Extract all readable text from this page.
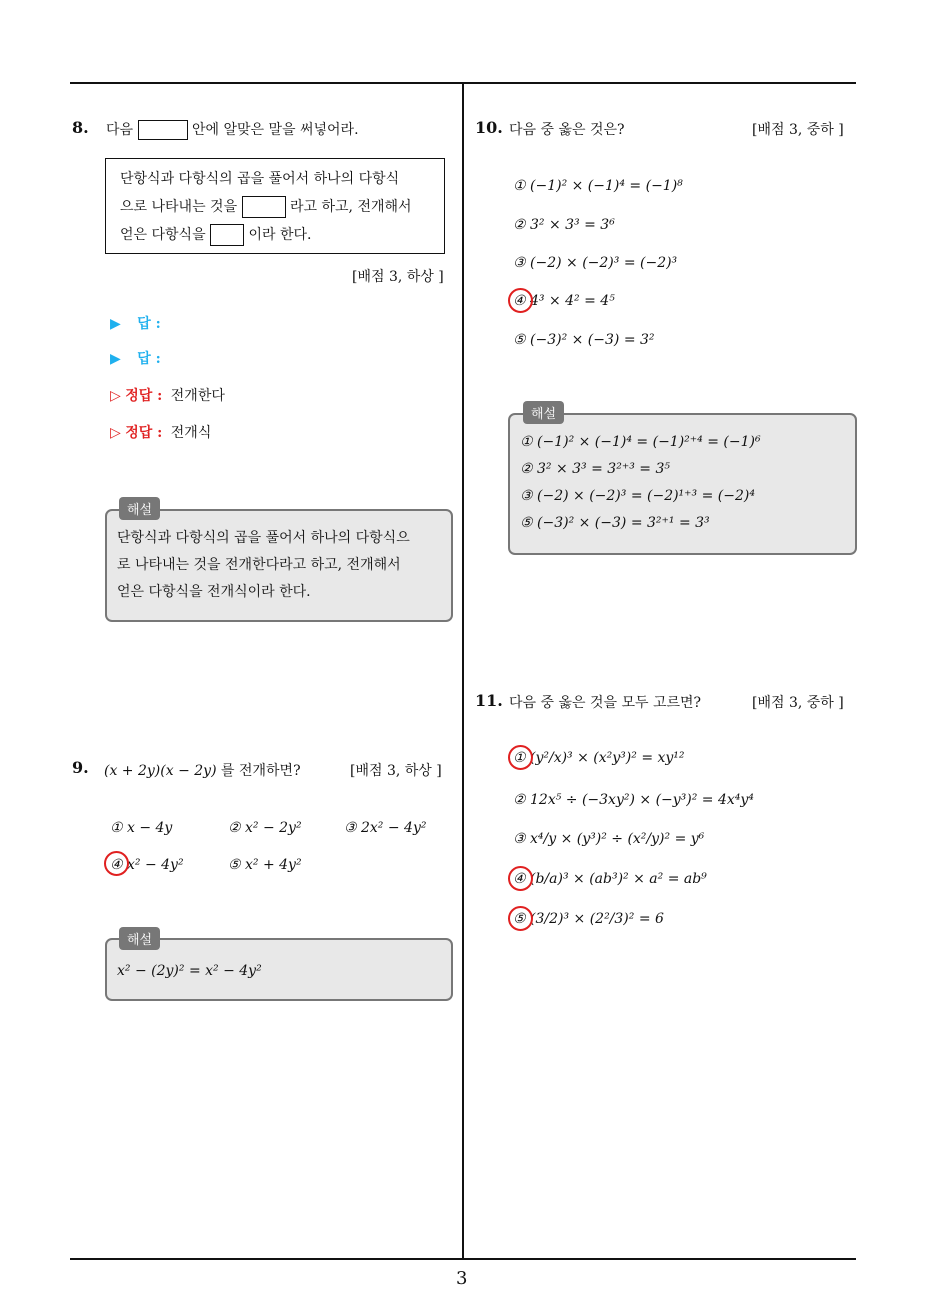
3
8. 다음	안에 알맞은 말을 써넣어라.
단항식과 다항식의 곱을 풀어서 하나의 다항식
으로 나타내는 것을	라고 하고, 전개해서
얻은 다항식을	이라 한다.
[배점 3, 하상 ]
▶ 답 :
▶ 답 :
▷ 정답 : 전개한다
▷ 정답 : 전개식
단항식과 다항식의 곱을 풀어서 하나의 다항식으
로 나타내는 것을 전개한다라고 하고, 전개해서
얻은 다항식을 전개식이라 한다.
해설
9. (x + 2y)(x − 2y) 를 전개하면?	[배점 3, 하상 ]
① x − 4y	② x² − 2y²	③ 2x² − 4y²
④ x² − 4y²	⑤ x² + 4y²
x² − (2y)² = x² − 4y²
해설
10. 다음 중 옳은 것은?	[배점 3, 중하 ]
① (−1)² × (−1)⁴ = (−1)⁸
② 3² × 3³ = 3⁶
③ (−2) × (−2)³ = (−2)³
④ 4³ × 4² = 4⁵
⑤ (−3)² × (−3) = 3²
① (−1)² × (−1)⁴ = (−1)²⁺⁴ = (−1)⁶
② 3² × 3³ = 3²⁺³ = 3⁵
③ (−2) × (−2)³ = (−2)¹⁺³ = (−2)⁴
⑤ (−3)² × (−3) = 3²⁺¹ = 3³
해설
11. 다음 중 옳은 것을 모두 고르면?	[배점 3, 중하 ]
① (y²/x)³ × (x²y³)² = xy¹²
② 12x⁵ ÷ (−3xy²) × (−y³)² = 4x⁴y⁴
③ x⁴/y × (y³)² ÷ (x²/y)² = y⁶
④ (b/a)³ × (ab³)² × a² = ab⁹
⑤ (3/2)³ × (2²/3)² = 6
